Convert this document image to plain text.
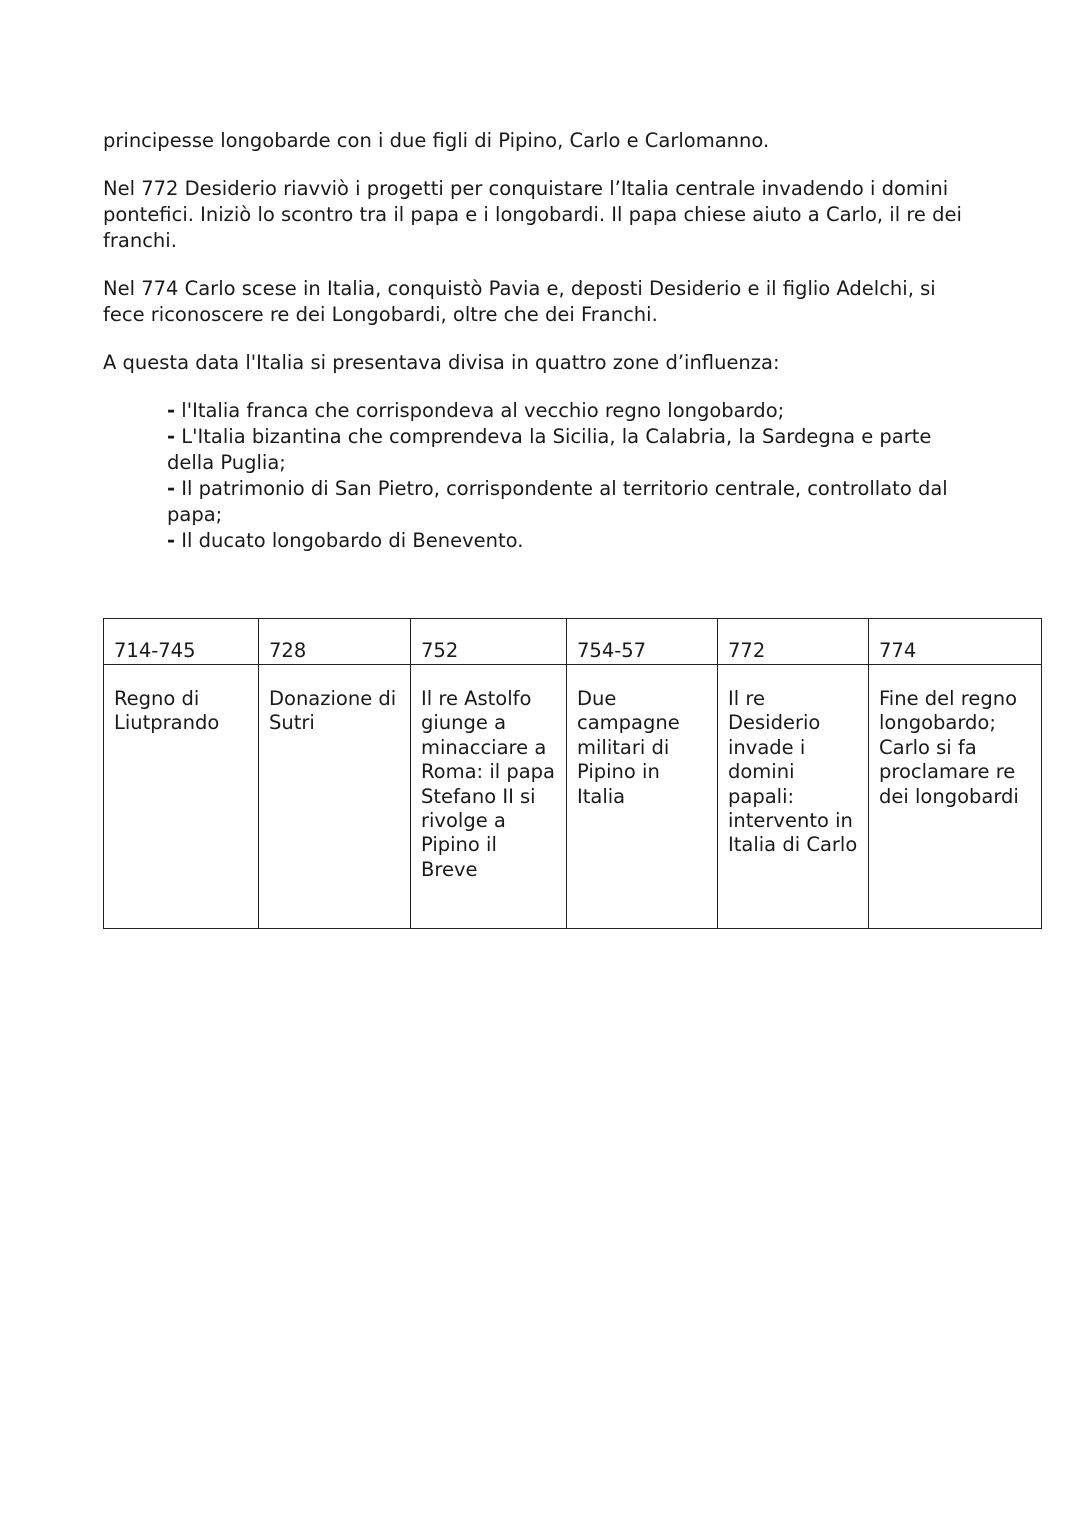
principesse longobarde con i due figli di Pipino, Carlo e Carlomanno.

Nel 772 Desiderio riavviò i progetti per conquistare l’Italia centrale invadendo i domini pontefici. Iniziò lo scontro tra il papa e i longobardi. Il papa chiese aiuto a Carlo, il re dei franchi.

Nel 774 Carlo scese in Italia, conquistò Pavia e, deposti Desiderio e il figlio Adelchi, si fece riconoscere re dei Longobardi, oltre che dei Franchi.

A questa data l'Italia si presentava divisa in quattro zone d’influenza:

- l'Italia franca che corrispondeva al vecchio regno longobardo;
- L'Italia bizantina che comprendeva la Sicilia, la Calabria, la Sardegna e parte della Puglia;
- Il patrimonio di San Pietro, corrispondente al territorio centrale, controllato dal papa;
- Il ducato longobardo di Benevento.
714-745	728	752	754-57	772	774
Regno di Liutprando	Donazione di Sutri	Il re Astolfo giunge a minacciare a Roma: il papa Stefano II si rivolge a Pipino il Breve	Due campagne militari di Pipino in Italia	Il re Desiderio invade i domini papali: intervento in Italia di Carlo	Fine del regno longobardo; Carlo si fa proclamare re dei longobardi
